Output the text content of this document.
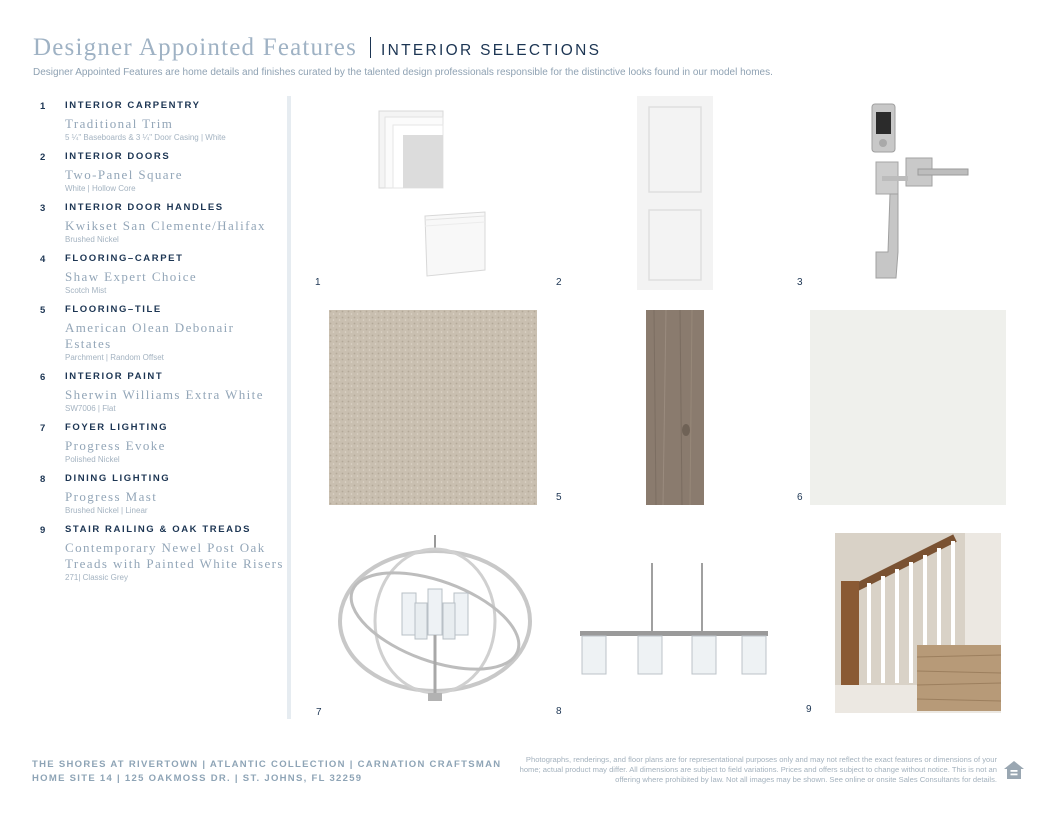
Designer Appointed Features INTERIOR SELECTIONS
Designer Appointed Features are home details and finishes curated by the talented design professionals responsible for the distinctive looks found in our model homes.
1	INTERIOR CARPENTRY
Traditional Trim
5 ¼" Baseboards & 3 ¼" Door Casing | White
2	INTERIOR DOORS
Two-Panel Square
White | Hollow Core
3	INTERIOR DOOR HANDLES
Kwikset San Clemente/Halifax
Brushed Nickel
4	FLOORING–CARPET
Shaw Expert Choice
Scotch Mist
5	FLOORING–TILE
American Olean Debonair Estates
Parchment | Random Offset
6	INTERIOR PAINT
Sherwin Williams Extra White
SW7006 | Flat
7	FOYER LIGHTING
Progress Evoke
Polished Nickel
8	DINING LIGHTING
Progress Mast
Brushed Nickel | Linear
9	STAIR RAILING & OAK TREADS
Contemporary Newel Post Oak Treads with Painted White Risers
271| Classic Grey
1	2	3
5	6
7	8	9
THE SHORES AT RIVERTOWN | ATLANTIC COLLECTION | CARNATION CRAFTSMAN
HOME SITE 14 | 125 OAKMOSS DR. | ST. JOHNS, FL 32259
Photographs, renderings, and floor plans are for representational purposes only and may not reflect the exact features or dimensions of your home; actual product may differ. All dimensions are subject to field variations. Prices and offers subject to change without notice. This is not an offering where prohibited by law. Not all images may be shown. See online or onsite Sales Consultants for details.
